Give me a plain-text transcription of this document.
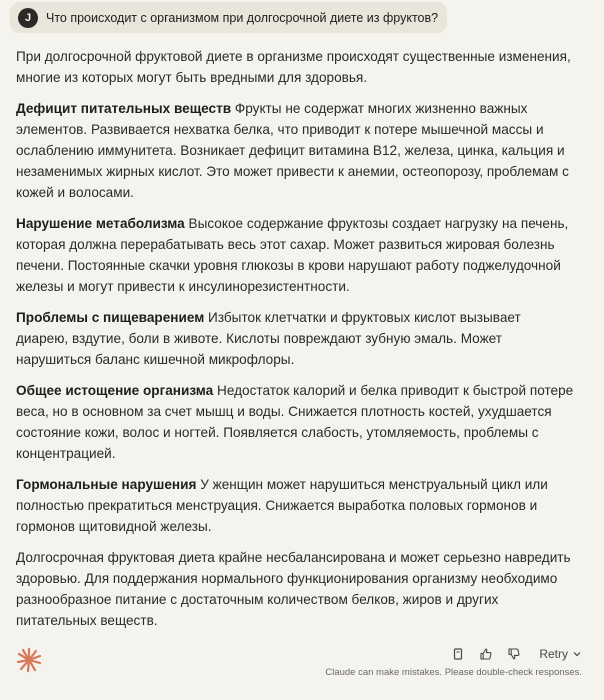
J	Что происходит с организмом при долгосрочной диете из фруктов?

При долгосрочной фруктовой диете в организме происходят существенные изменения, многие из которых могут быть вредными для здоровья.

Дефицит питательных веществ Фрукты не содержат многих жизненно важных элементов. Развивается нехватка белка, что приводит к потере мышечной массы и ослаблению иммунитета. Возникает дефицит витамина B12, железа, цинка, кальция и незаменимых жирных кислот. Это может привести к анемии, остеопорозу, проблемам с кожей и волосами.

Нарушение метаболизма Высокое содержание фруктозы создает нагрузку на печень, которая должна перерабатывать весь этот сахар. Может развиться жировая болезнь печени. Постоянные скачки уровня глюкозы в крови нарушают работу поджелудочной железы и могут привести к инсулинорезистентности.

Проблемы с пищеварением Избыток клетчатки и фруктовых кислот вызывает диарею, вздутие, боли в животе. Кислоты повреждают зубную эмаль. Может нарушиться баланс кишечной микрофлоры.

Общее истощение организма Недостаток калорий и белка приводит к быстрой потере веса, но в основном за счет мышц и воды. Снижается плотность костей, ухудшается состояние кожи, волос и ногтей. Появляется слабость, утомляемость, проблемы с концентрацией.

Гормональные нарушения У женщин может нарушиться менструальный цикл или полностью прекратиться менструация. Снижается выработка половых гормонов и гормонов щитовидной железы.

Долгосрочная фруктовая диета крайне несбалансирована и может серьезно навредить здоровью. Для поддержания нормального функционирования организму необходимо разнообразное питание с достаточным количеством белков, жиров и других питательных веществ.

Retry
Claude can make mistakes. Please double-check responses.
